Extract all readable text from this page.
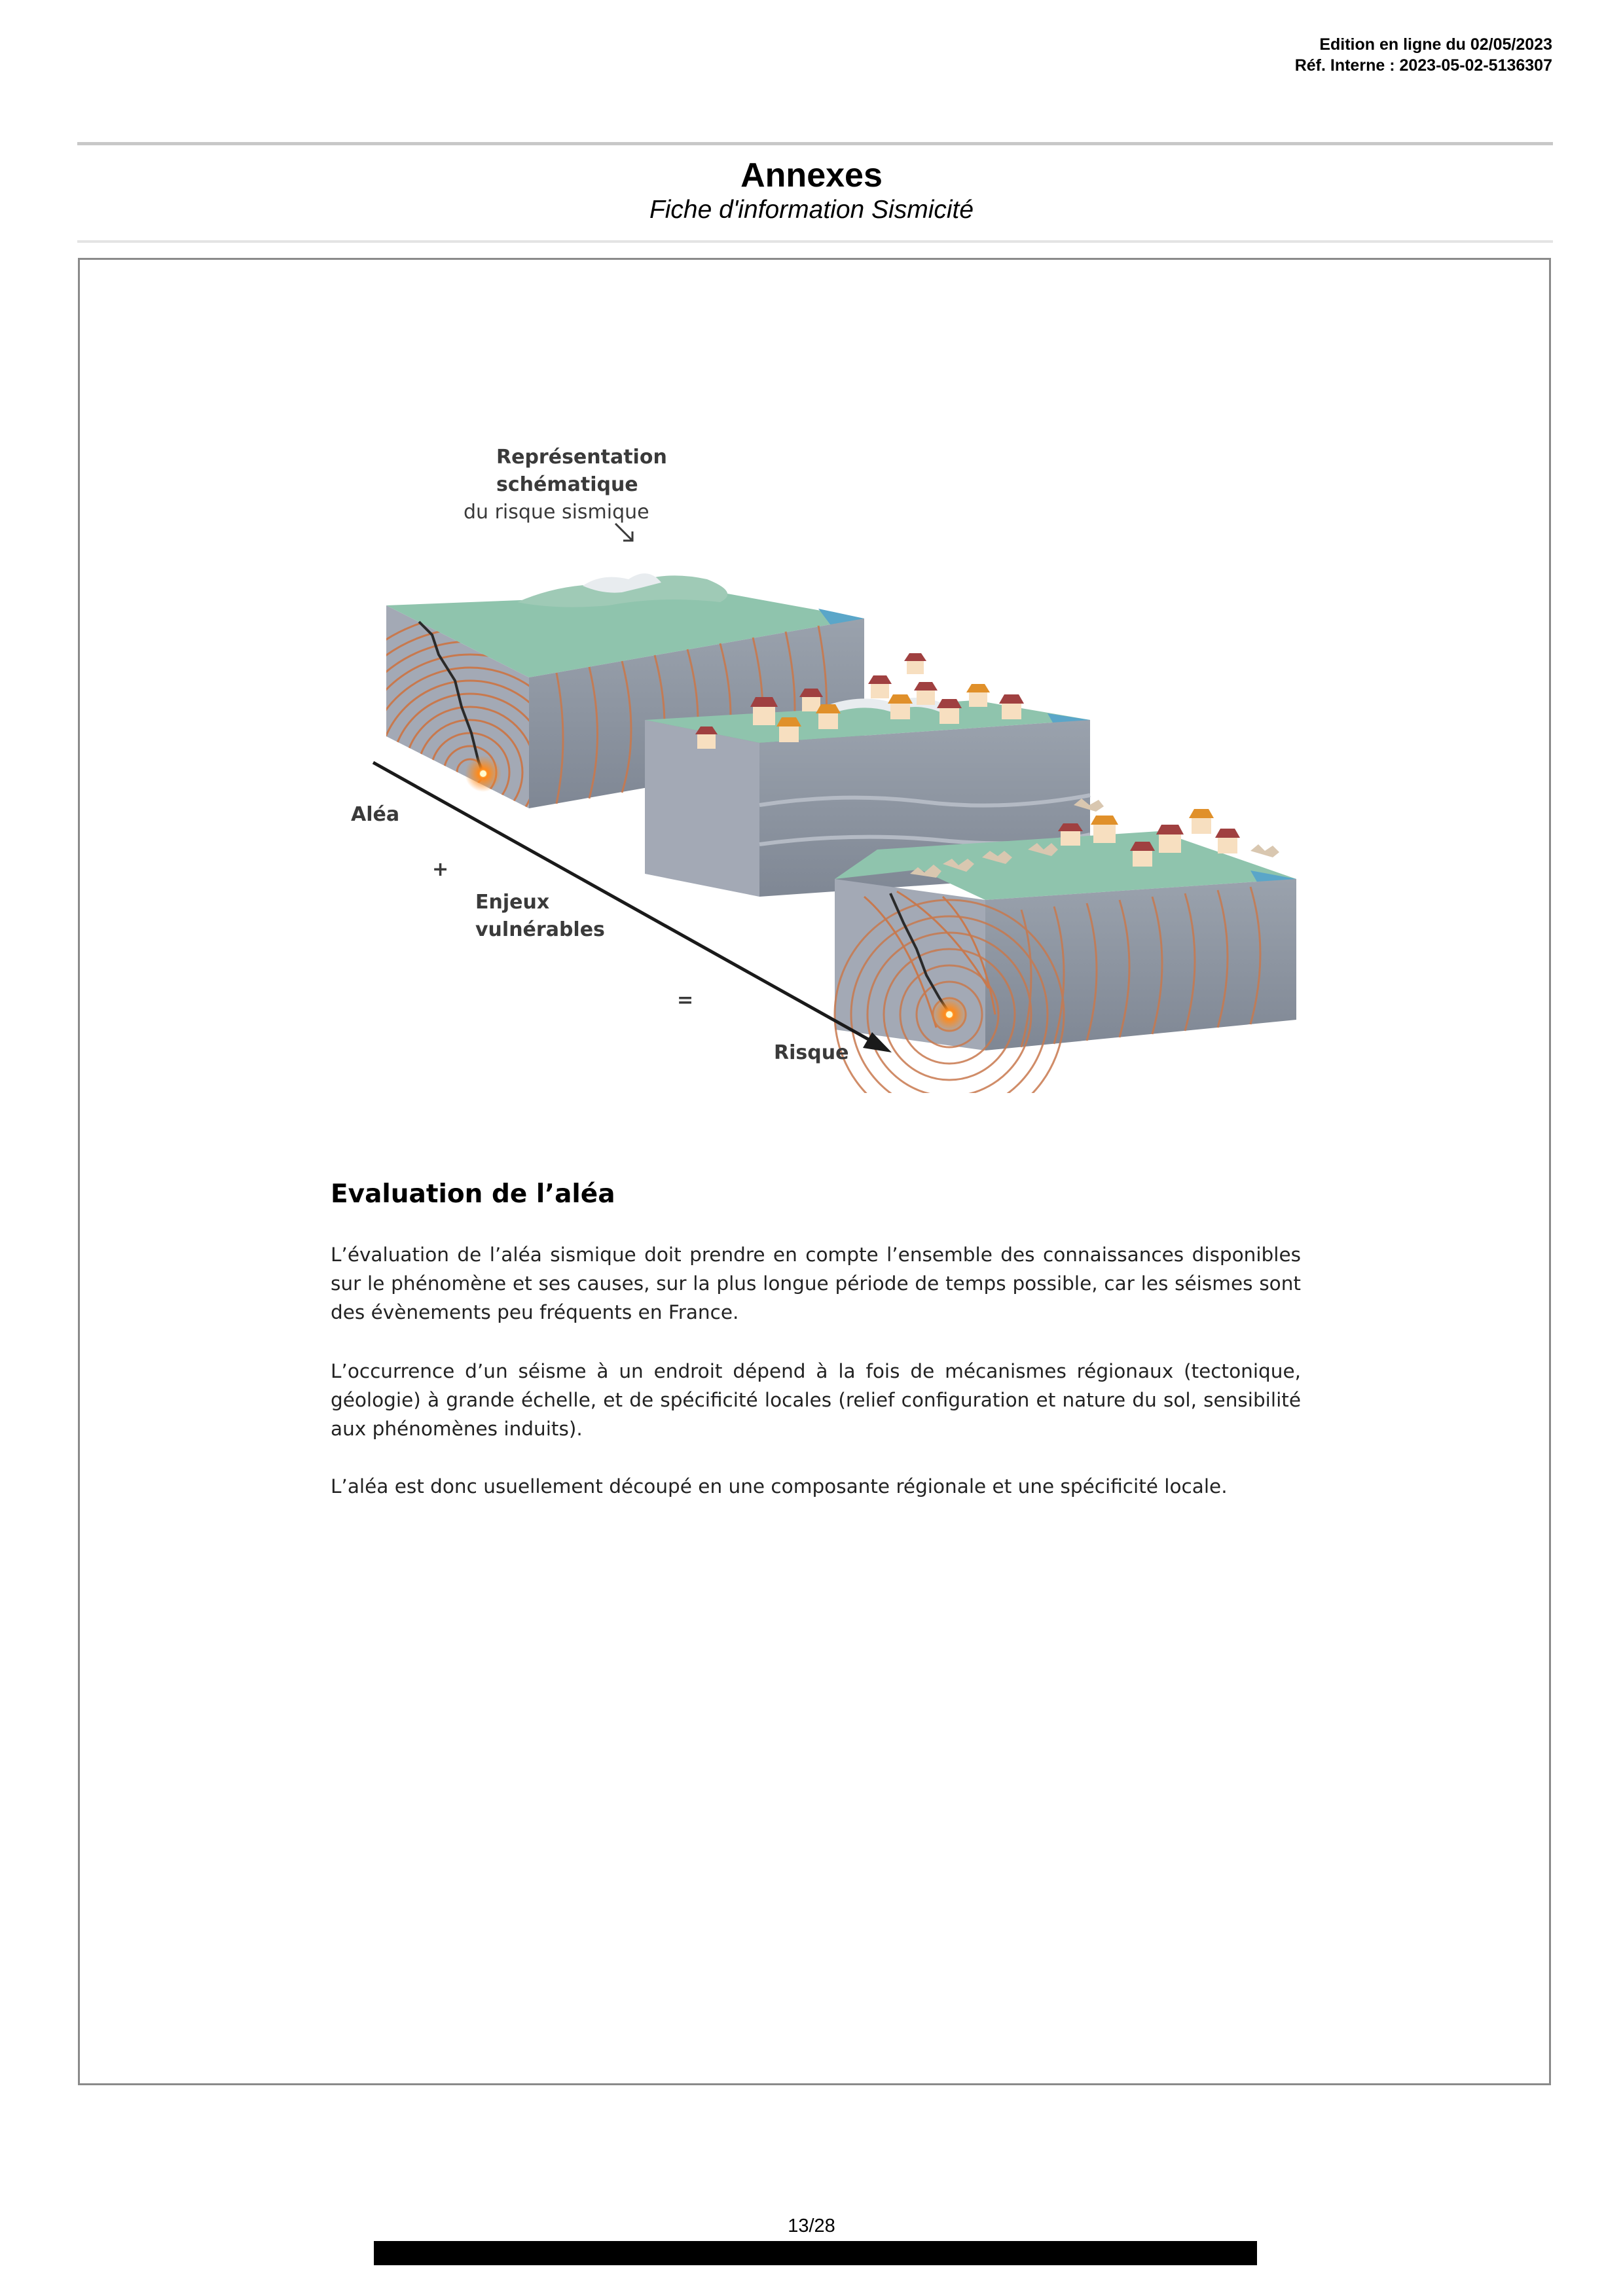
Edition en ligne du 02/05/2023
Réf. Interne : 2023-05-02-5136307
Annexes
Fiche d'information Sismicité
Représentation
schématique
du risque sismique
Aléa
+
Enjeux
vulnérables
=
Risque
Evaluation de l’aléa

L’évaluation de l’aléa sismique doit prendre en compte l’ensemble des connaissances disponibles sur le phénomène et ses causes, sur la plus longue période de temps possible, car les séismes sont des évènements peu fréquents en France.

L’occurrence d’un séisme à un endroit dépend à la fois de mécanismes régionaux (tectonique, géologie) à grande échelle, et de spécificité locales (relief configuration et nature du sol, sensibilité aux phénomènes induits).

L’aléa est donc usuellement découpé en une composante régionale et une spécificité locale.

13/28
